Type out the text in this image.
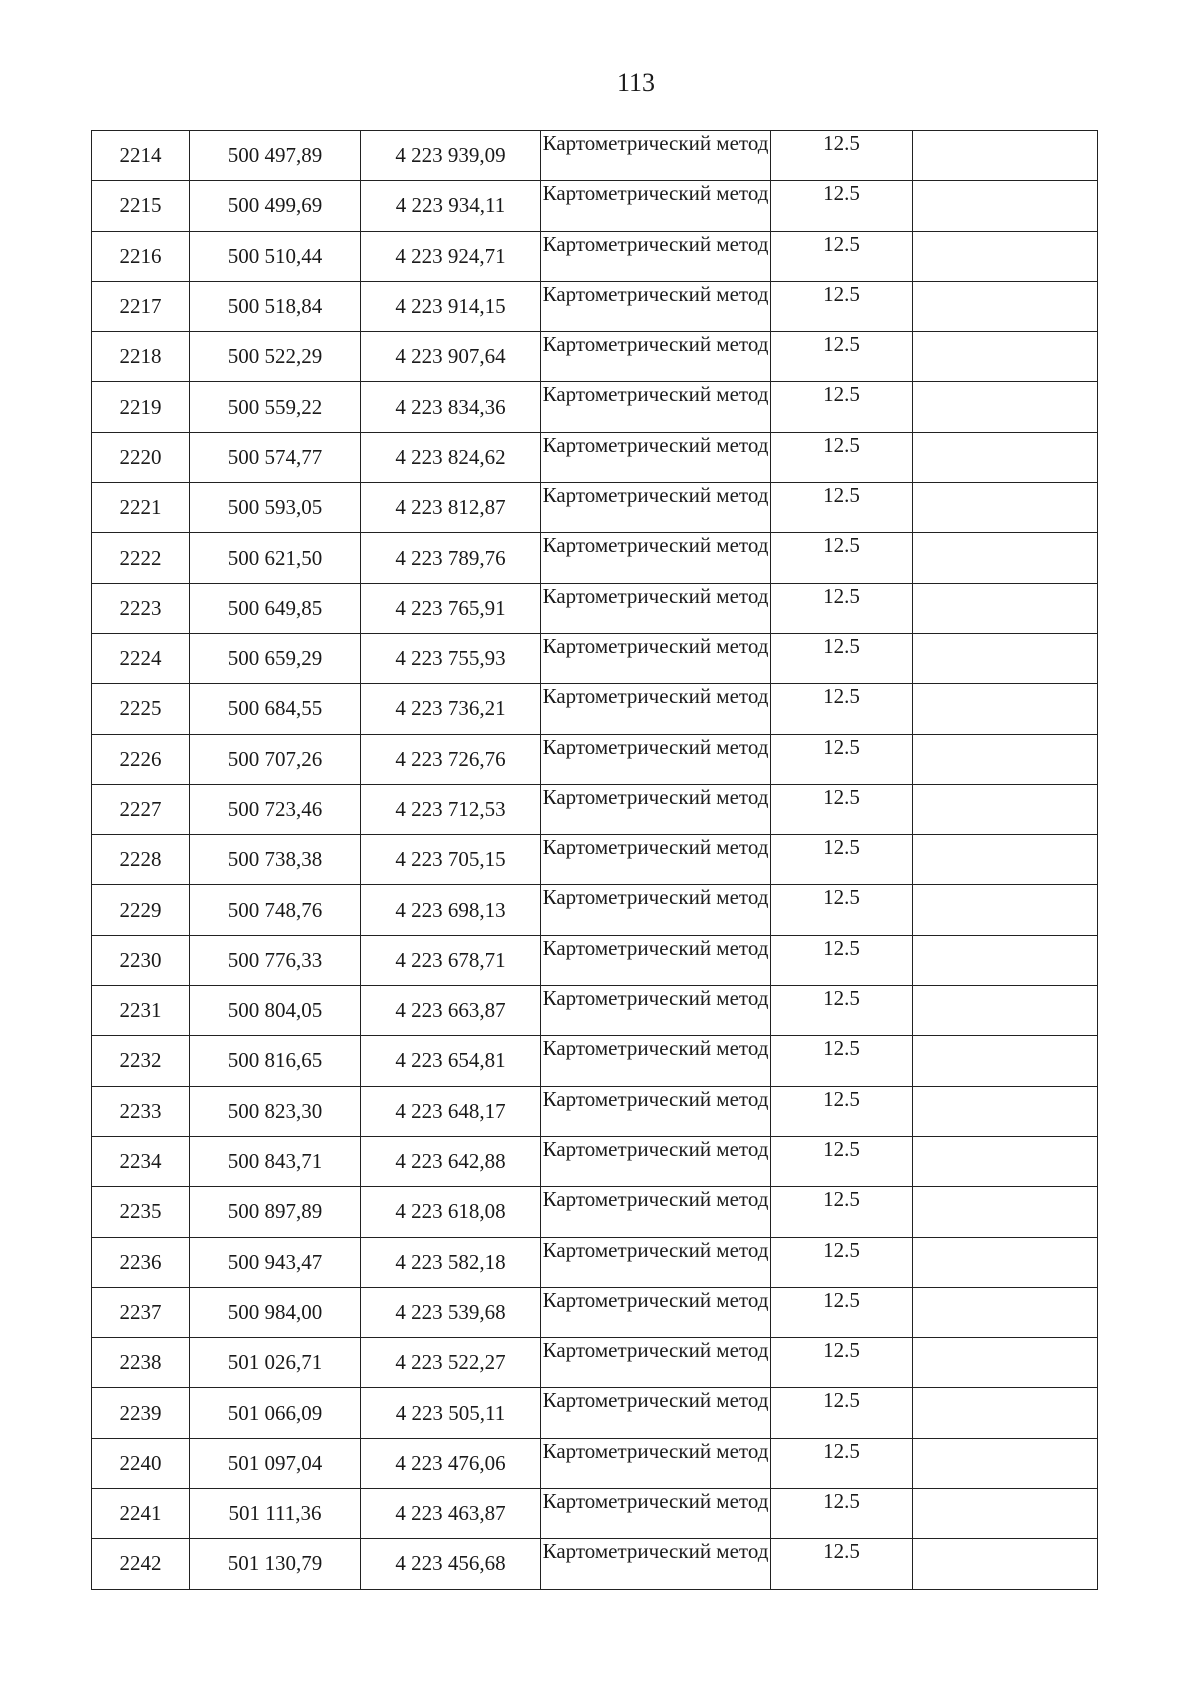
113
2214	500 497,89	4 223 939,09	Картометрический метод	12.5	
2215	500 499,69	4 223 934,11	Картометрический метод	12.5	
2216	500 510,44	4 223 924,71	Картометрический метод	12.5	
2217	500 518,84	4 223 914,15	Картометрический метод	12.5	
2218	500 522,29	4 223 907,64	Картометрический метод	12.5	
2219	500 559,22	4 223 834,36	Картометрический метод	12.5	
2220	500 574,77	4 223 824,62	Картометрический метод	12.5	
2221	500 593,05	4 223 812,87	Картометрический метод	12.5	
2222	500 621,50	4 223 789,76	Картометрический метод	12.5	
2223	500 649,85	4 223 765,91	Картометрический метод	12.5	
2224	500 659,29	4 223 755,93	Картометрический метод	12.5	
2225	500 684,55	4 223 736,21	Картометрический метод	12.5	
2226	500 707,26	4 223 726,76	Картометрический метод	12.5	
2227	500 723,46	4 223 712,53	Картометрический метод	12.5	
2228	500 738,38	4 223 705,15	Картометрический метод	12.5	
2229	500 748,76	4 223 698,13	Картометрический метод	12.5	
2230	500 776,33	4 223 678,71	Картометрический метод	12.5	
2231	500 804,05	4 223 663,87	Картометрический метод	12.5	
2232	500 816,65	4 223 654,81	Картометрический метод	12.5	
2233	500 823,30	4 223 648,17	Картометрический метод	12.5	
2234	500 843,71	4 223 642,88	Картометрический метод	12.5	
2235	500 897,89	4 223 618,08	Картометрический метод	12.5	
2236	500 943,47	4 223 582,18	Картометрический метод	12.5	
2237	500 984,00	4 223 539,68	Картометрический метод	12.5	
2238	501 026,71	4 223 522,27	Картометрический метод	12.5	
2239	501 066,09	4 223 505,11	Картометрический метод	12.5	
2240	501 097,04	4 223 476,06	Картометрический метод	12.5	
2241	501 111,36	4 223 463,87	Картометрический метод	12.5	
2242	501 130,79	4 223 456,68	Картометрический метод	12.5	
